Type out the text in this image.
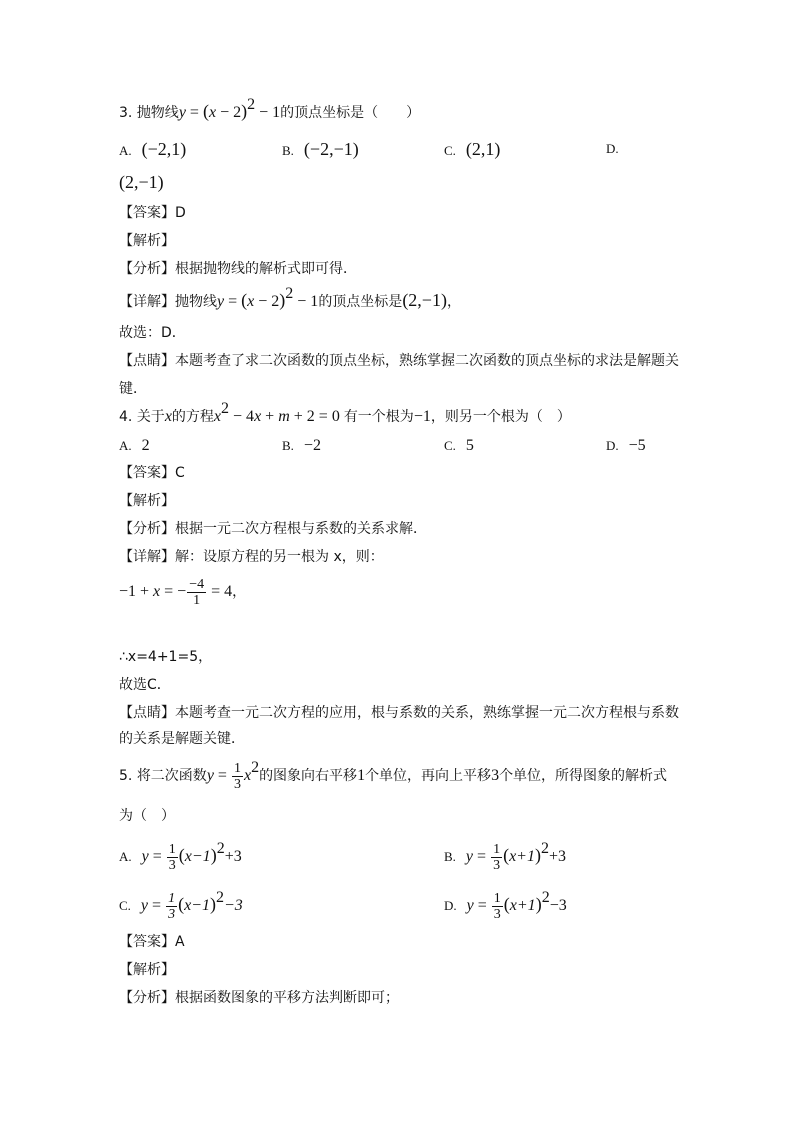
3. 抛物线$y = (x - 2)^2 - 1$的顶点坐标是（　　）
A. (−2,1)	B. (−2,−1)	C. (2,1)	D.
(2,−1)
【答案】D
【解析】
【分析】根据抛物线的解析式即可得．
【详解】抛物线$y = (x - 2)^2 - 1$的顶点坐标是(2,−1)，
故选：D．
【点睛】本题考查了求二次函数的顶点坐标，熟练掌握二次函数的顶点坐标的求法是解题关
键．
4. 关于x的方程$x^2 - 4x + m + 2 = 0$ 有一个根为−1，则另一个根为（　）
A. 2	B. −2	C. 5	D. −5
【答案】C
【解析】
【分析】根据一元二次方程根与系数的关系求解．
【详解】解：设原方程的另一根为 x，则：
−1 + x = − $\frac{-4}{1} = 4$，
∴x=4+1=5，
故选C．
【点睛】本题考查一元二次方程的应用，根与系数的关系，熟练掌握一元二次方程根与系数
的关系是解题关键．
5. 将二次函数$y = \frac{1}{3} x^2$的图象向右平移1个单位，再向上平移3个单位，所得图象的解析式
为（　）
A. $y = \frac{1}{3} (x-1)^2+3$	B. $y = \frac{1}{3} (x+1)^2+3$
C. $y = \frac{1}{3} (x-1)^2-3$	D. $y = \frac{1}{3} (x+1)^2-3$
【答案】A
【解析】
【分析】根据函数图象的平移方法判断即可；
